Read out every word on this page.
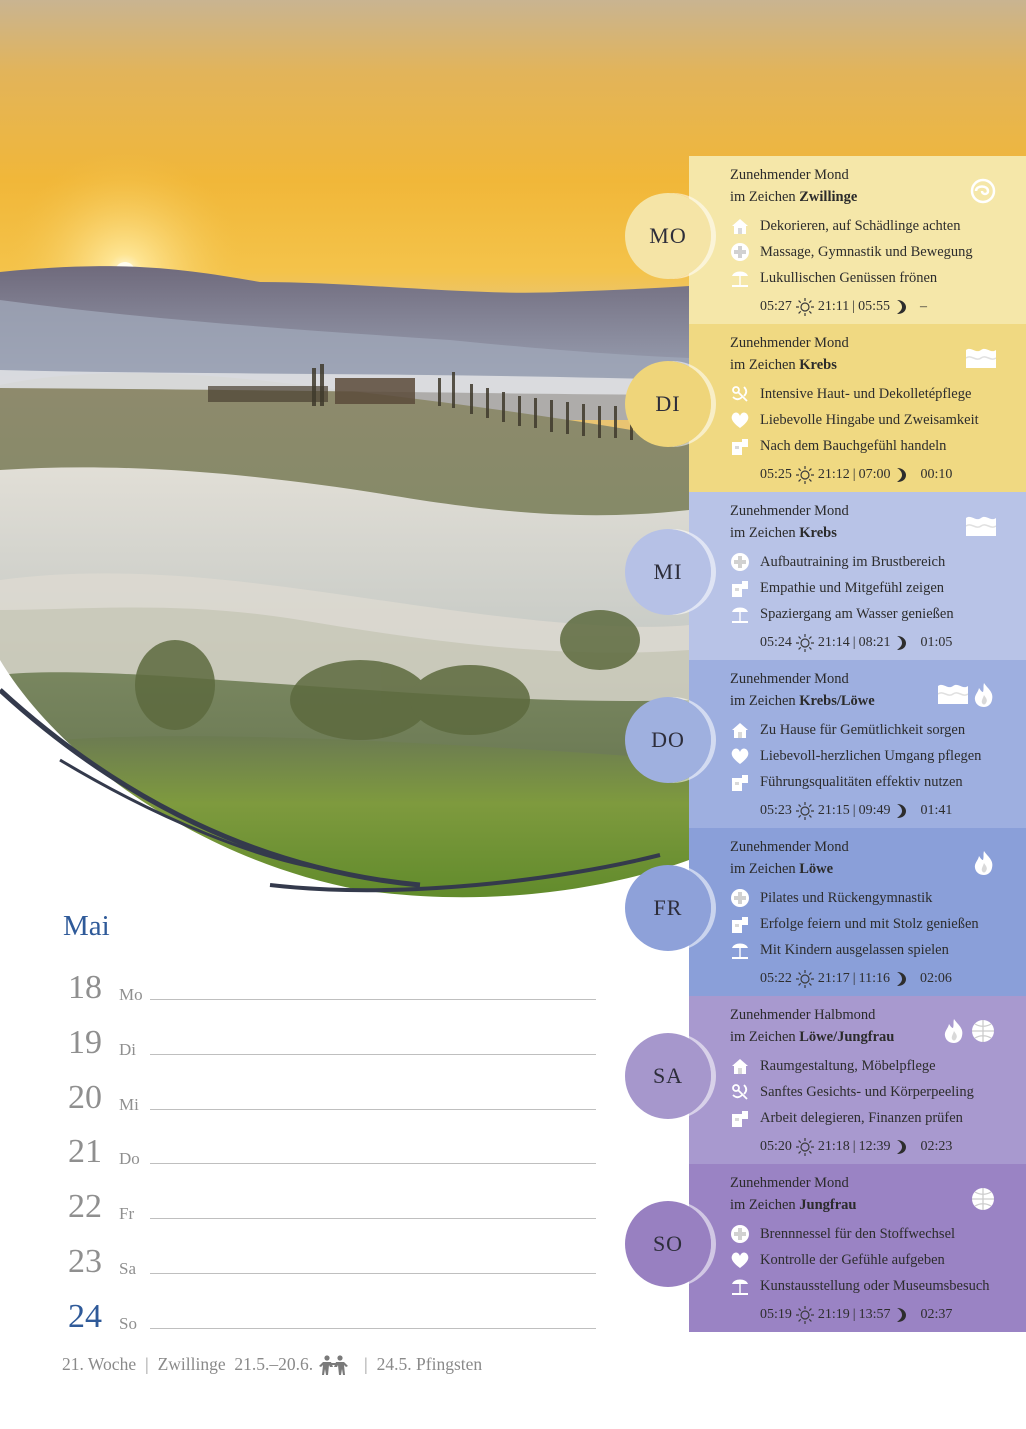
Zunehmender Mond
im Zeichen Zwillinge
Dekorieren, auf Schädlinge achten
Massage, Gymnastik und Bewegung
Lukullischen Genüssen frönen
05:27 21:11 | 05:55 –
Zunehmender Mond
im Zeichen Krebs
Intensive Haut- und Dekolletépflege
Liebevolle Hingabe und Zweisamkeit
Nach dem Bauchgefühl handeln
05:25 21:12 | 07:00 00:10
Zunehmender Mond
im Zeichen Krebs
Aufbautraining im Brustbereich
Empathie und Mitgefühl zeigen
Spaziergang am Wasser genießen
05:24 21:14 | 08:21 01:05
Zunehmender Mond
im Zeichen Krebs/Löwe
Zu Hause für Gemütlichkeit sorgen
Liebevoll-herzlichen Umgang pflegen
Führungsqualitäten effektiv nutzen
05:23 21:15 | 09:49 01:41
Zunehmender Mond
im Zeichen Löwe
Pilates und Rückengymnastik
Erfolge feiern und mit Stolz genießen
Mit Kindern ausgelassen spielen
05:22 21:17 | 11:16 02:06
Zunehmender Halbmond
im Zeichen Löwe/Jungfrau
Raumgestaltung, Möbelpflege
Sanftes Gesichts- und Körperpeeling
Arbeit delegieren, Finanzen prüfen
05:20 21:18 | 12:39 02:23
Zunehmender Mond
im Zeichen Jungfrau
Brennnessel für den Stoffwechsel
Kontrolle der Gefühle aufgeben
Kunstausstellung oder Museumsbesuch
05:19 21:19 | 13:57 02:37
MO
DI
MI
DO
FR
SA
SO
Mai
18 Mo
19 Di
20 Mi
21 Do
22 Fr
23 Sa
24 So
21. Woche | Zwillinge  21.5.–20.6.	| 24.5. Pfingsten
